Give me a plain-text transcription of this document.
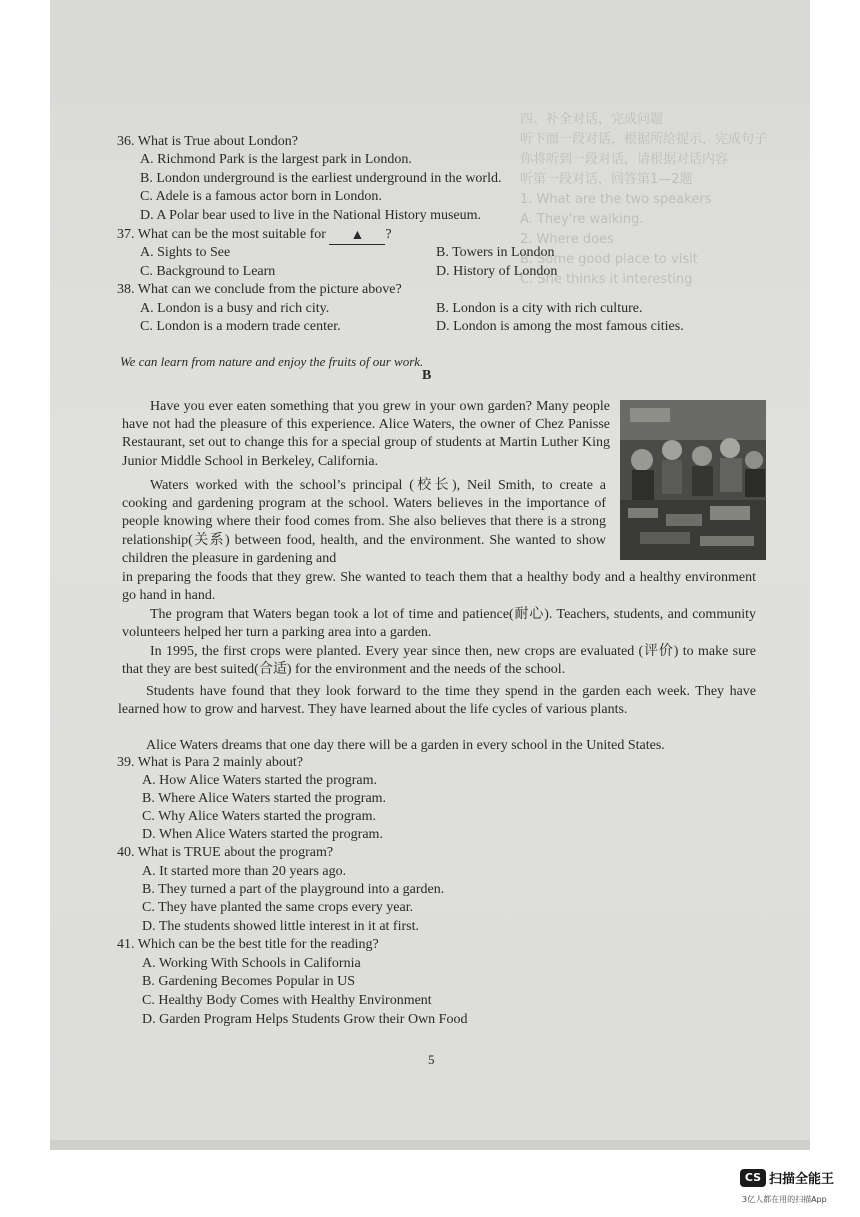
四、补全对话，完成问题
听下面一段对话，根据所给提示，完成句子
你将听到一段对话，请根据对话内容
听第一段对话，回答第1—2题
1. What are the two speakers
A. They're walking.
2. Where does
B. Some good place to visit
C. She thinks it interesting
36. What is True about London?
A. Richmond Park is the largest park in London.
B. London underground is the earliest underground in the world.
C. Adele is a famous actor born in London.
D. A Polar bear used to live in the National History museum.
37. What can be the most suitable for ▲ ?
A. Sights to See	B. Towers in London
C. Background to Learn	D. History of London
38. What can we conclude from the picture above?
A. London is a busy and rich city.	B. London is a city with rich culture.
C. London is a modern trade center.	D. London is among the most famous cities.
We can learn from nature and enjoy the fruits of our work.
B
Have you ever eaten something that you grew in your own garden? Many people have not had the pleasure of this experience. Alice Waters, the owner of Chez Panisse Restaurant, set out to change this for a special group of students at Martin Luther King Junior Middle School in Berkeley, California.
Waters worked with the school’s principal (校长), Neil Smith, to create a cooking and gardening program at the school. Waters believes in the importance of people knowing where their food comes from. She also believes that there is a strong relationship(关系) between food, health, and the environment. She wanted to show children the pleasure in gardening and
in preparing the foods that they grew. She wanted to teach them that a healthy body and a healthy environment go hand in hand.
The program that Waters began took a lot of time and patience(耐心). Teachers, students, and community volunteers helped her turn a parking area into a garden.
In 1995, the first crops were planted. Every year since then, new crops are evaluated (评价) to make sure that they are best suited(合适) for the environment and the needs of the school.
Students have found that they look forward to the time they spend in the garden each week. They have learned how to grow and harvest. They have learned about the life cycles of various plants.
Alice Waters dreams that one day there will be a garden in every school in the United States.
39. What is Para 2 mainly about?
A. How Alice Waters started the program.
B. Where Alice Waters started the program.
C. Why Alice Waters started the program.
D. When Alice Waters started the program.
40. What is TRUE about the program?
A. It started more than 20 years ago.
B. They turned a part of the playground into a garden.
C. They have planted the same crops every year.
D. The students showed little interest in it at first.
41. Which can be the best title for the reading?
A. Working With Schools in California
B. Gardening Becomes Popular in US
C. Healthy Body Comes with Healthy Environment
D. Garden Program Helps Students Grow their Own Food
5
CS 扫描全能王
3亿人都在用的扫描App
